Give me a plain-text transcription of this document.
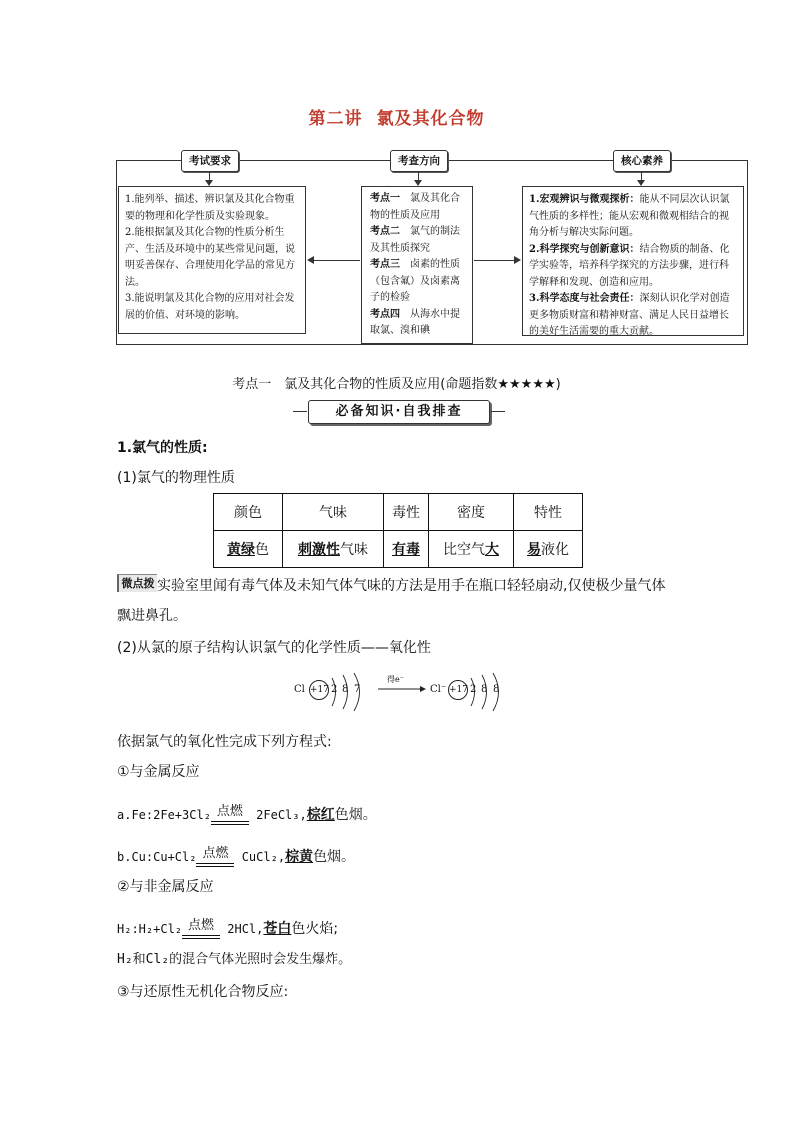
第二讲 氯及其化合物
考试要求	考查方向	核心素养

1.能列举、描述、辨识氯及其化合物重要的物理和化学性质及实验现象。

2.能根据氯及其化合物的性质分析生产、生活及环境中的某些常见问题，说明妥善保存、合理使用化学品的常见方法。

3.能说明氯及其化合物的应用对社会发展的价值、对环境的影响。

考点一　 氯及其化合物的性质及应用

考点二　 氯气的制法及其性质探究

考点三　 卤素的性质（包含氟）及卤素离子的检验

考点四　 从海水中提取氯、溴和碘

1.宏观辨识与微观探析：能从不同层次认识氯气性质的多样性；能从宏观和微观相结合的视角分析与解决实际问题。

2.科学探究与创新意识：结合物质的制备、化学实验等，培养科学探究的方法步骤，进行科学解释和发现、创造和应用。

3.科学态度与社会责任：深刻认识化学对创造更多物质财富和精神财富、满足人民日益增长的美好生活需要的重大贡献。

考点一　氯及其化合物的性质及应用(命题指数★★★★★)
必备知识·自我排查
1.氯气的性质:
(1)氯气的物理性质
颜色	气味	毒性	密度	特性
黄绿色	刺激性气味	有毒	比空气大	易液化
微点拨 实验室里闻有毒气体及未知气体气味的方法是用手在瓶口轻轻扇动,仅使极少量气体
飘进鼻孔。
(2)从氯的原子结构认识氯气的化学性质——氧化性
Cl +17 2 8 7
得e⁻
→ Cl⁻ +17 2 8 8
依据氯气的氧化性完成下列方程式:
①与金属反应
a.Fe:2Fe+3Cl₂ 点燃
2FeCl₃,棕红色烟。
b.Cu:Cu+Cl₂ 点燃
CuCl₂,棕黄色烟。
②与非金属反应
H₂:H₂+Cl₂ 点燃
2HCl,苍白色火焰;
H₂和Cl₂的混合气体光照时会发生爆炸。
③与还原性无机化合物反应:
